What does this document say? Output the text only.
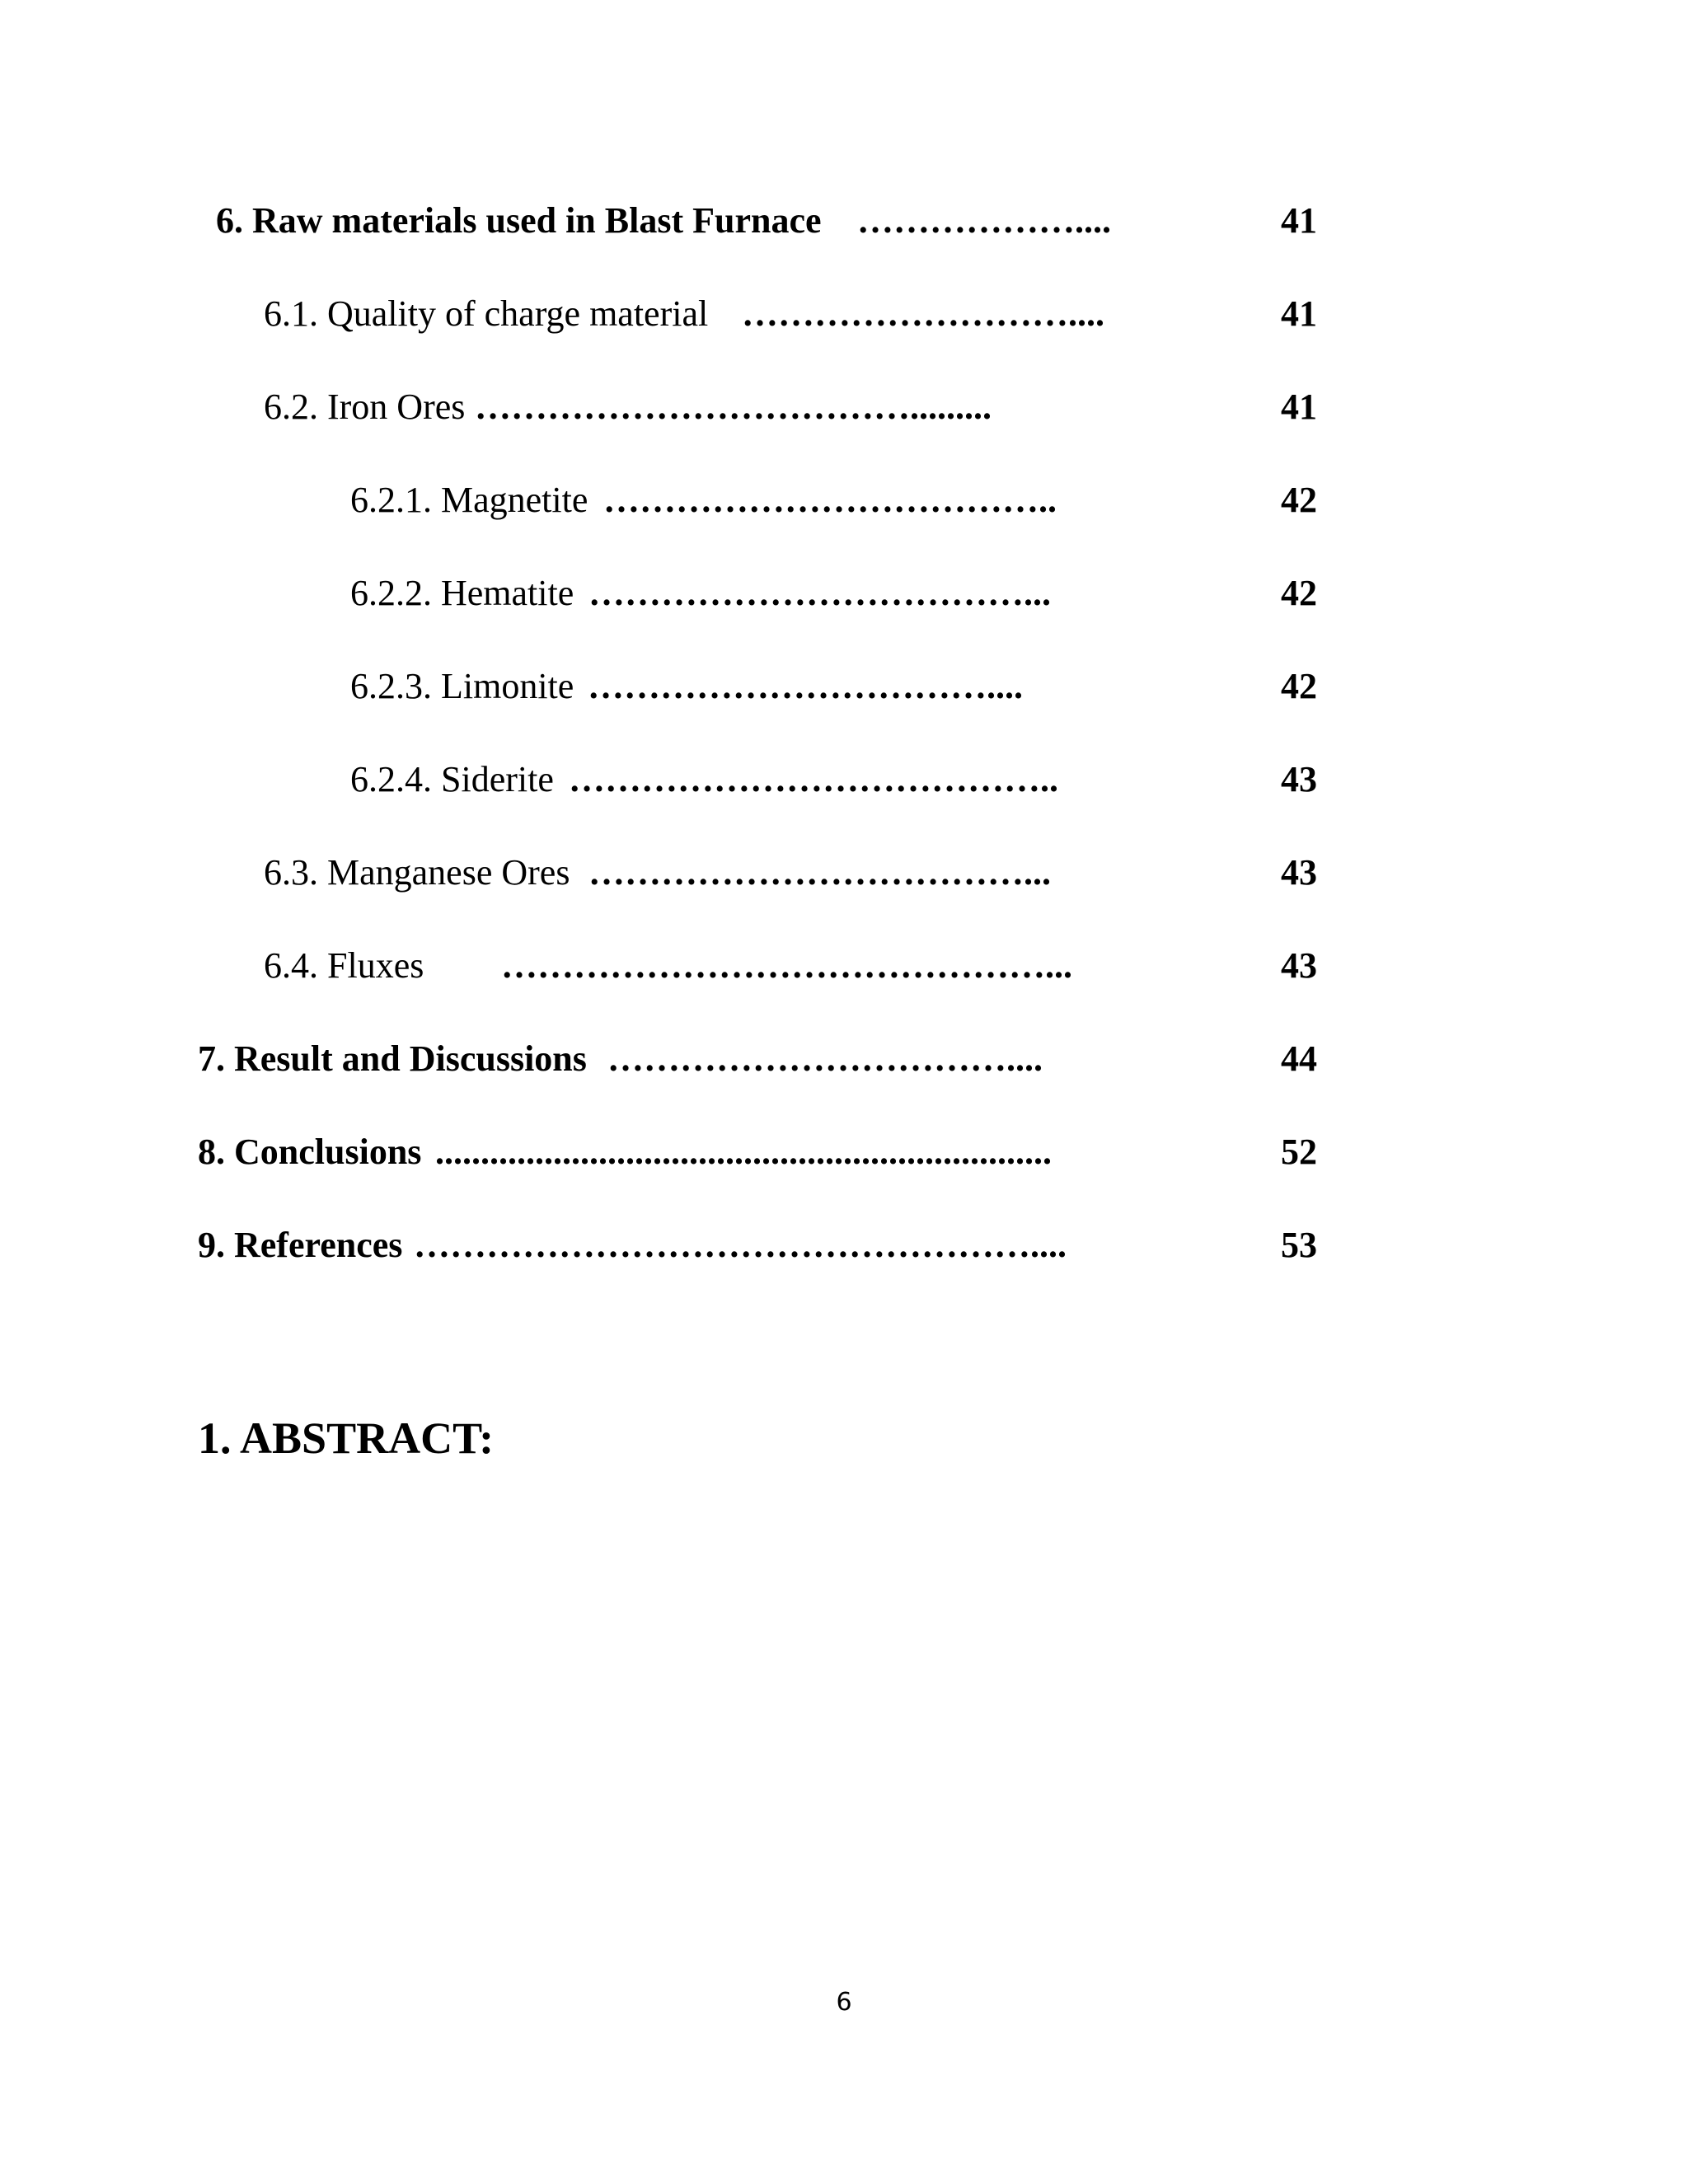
6. Raw materials used in Blast Furnace ………………....	41
6.1. Quality of charge material ………………………....	41
6.2. Iron Ores ……………………………….........	41
6.2.1. Magnetite ………………………………..	42
6.2.2. Hematite ………………………………...	42
6.2.3. Limonite ……………………………....	42
6.2.4. Siderite …………………………………..	43
6.3. Manganese Ores ………………………………...	43
6.4. Fluxes ………………………………………...	43
7. Result and Discussions ……………………………....	44
8. Conclusions ....................................................................	52
9. References ……………………………………………....	53
1. ABSTRACT:
6
